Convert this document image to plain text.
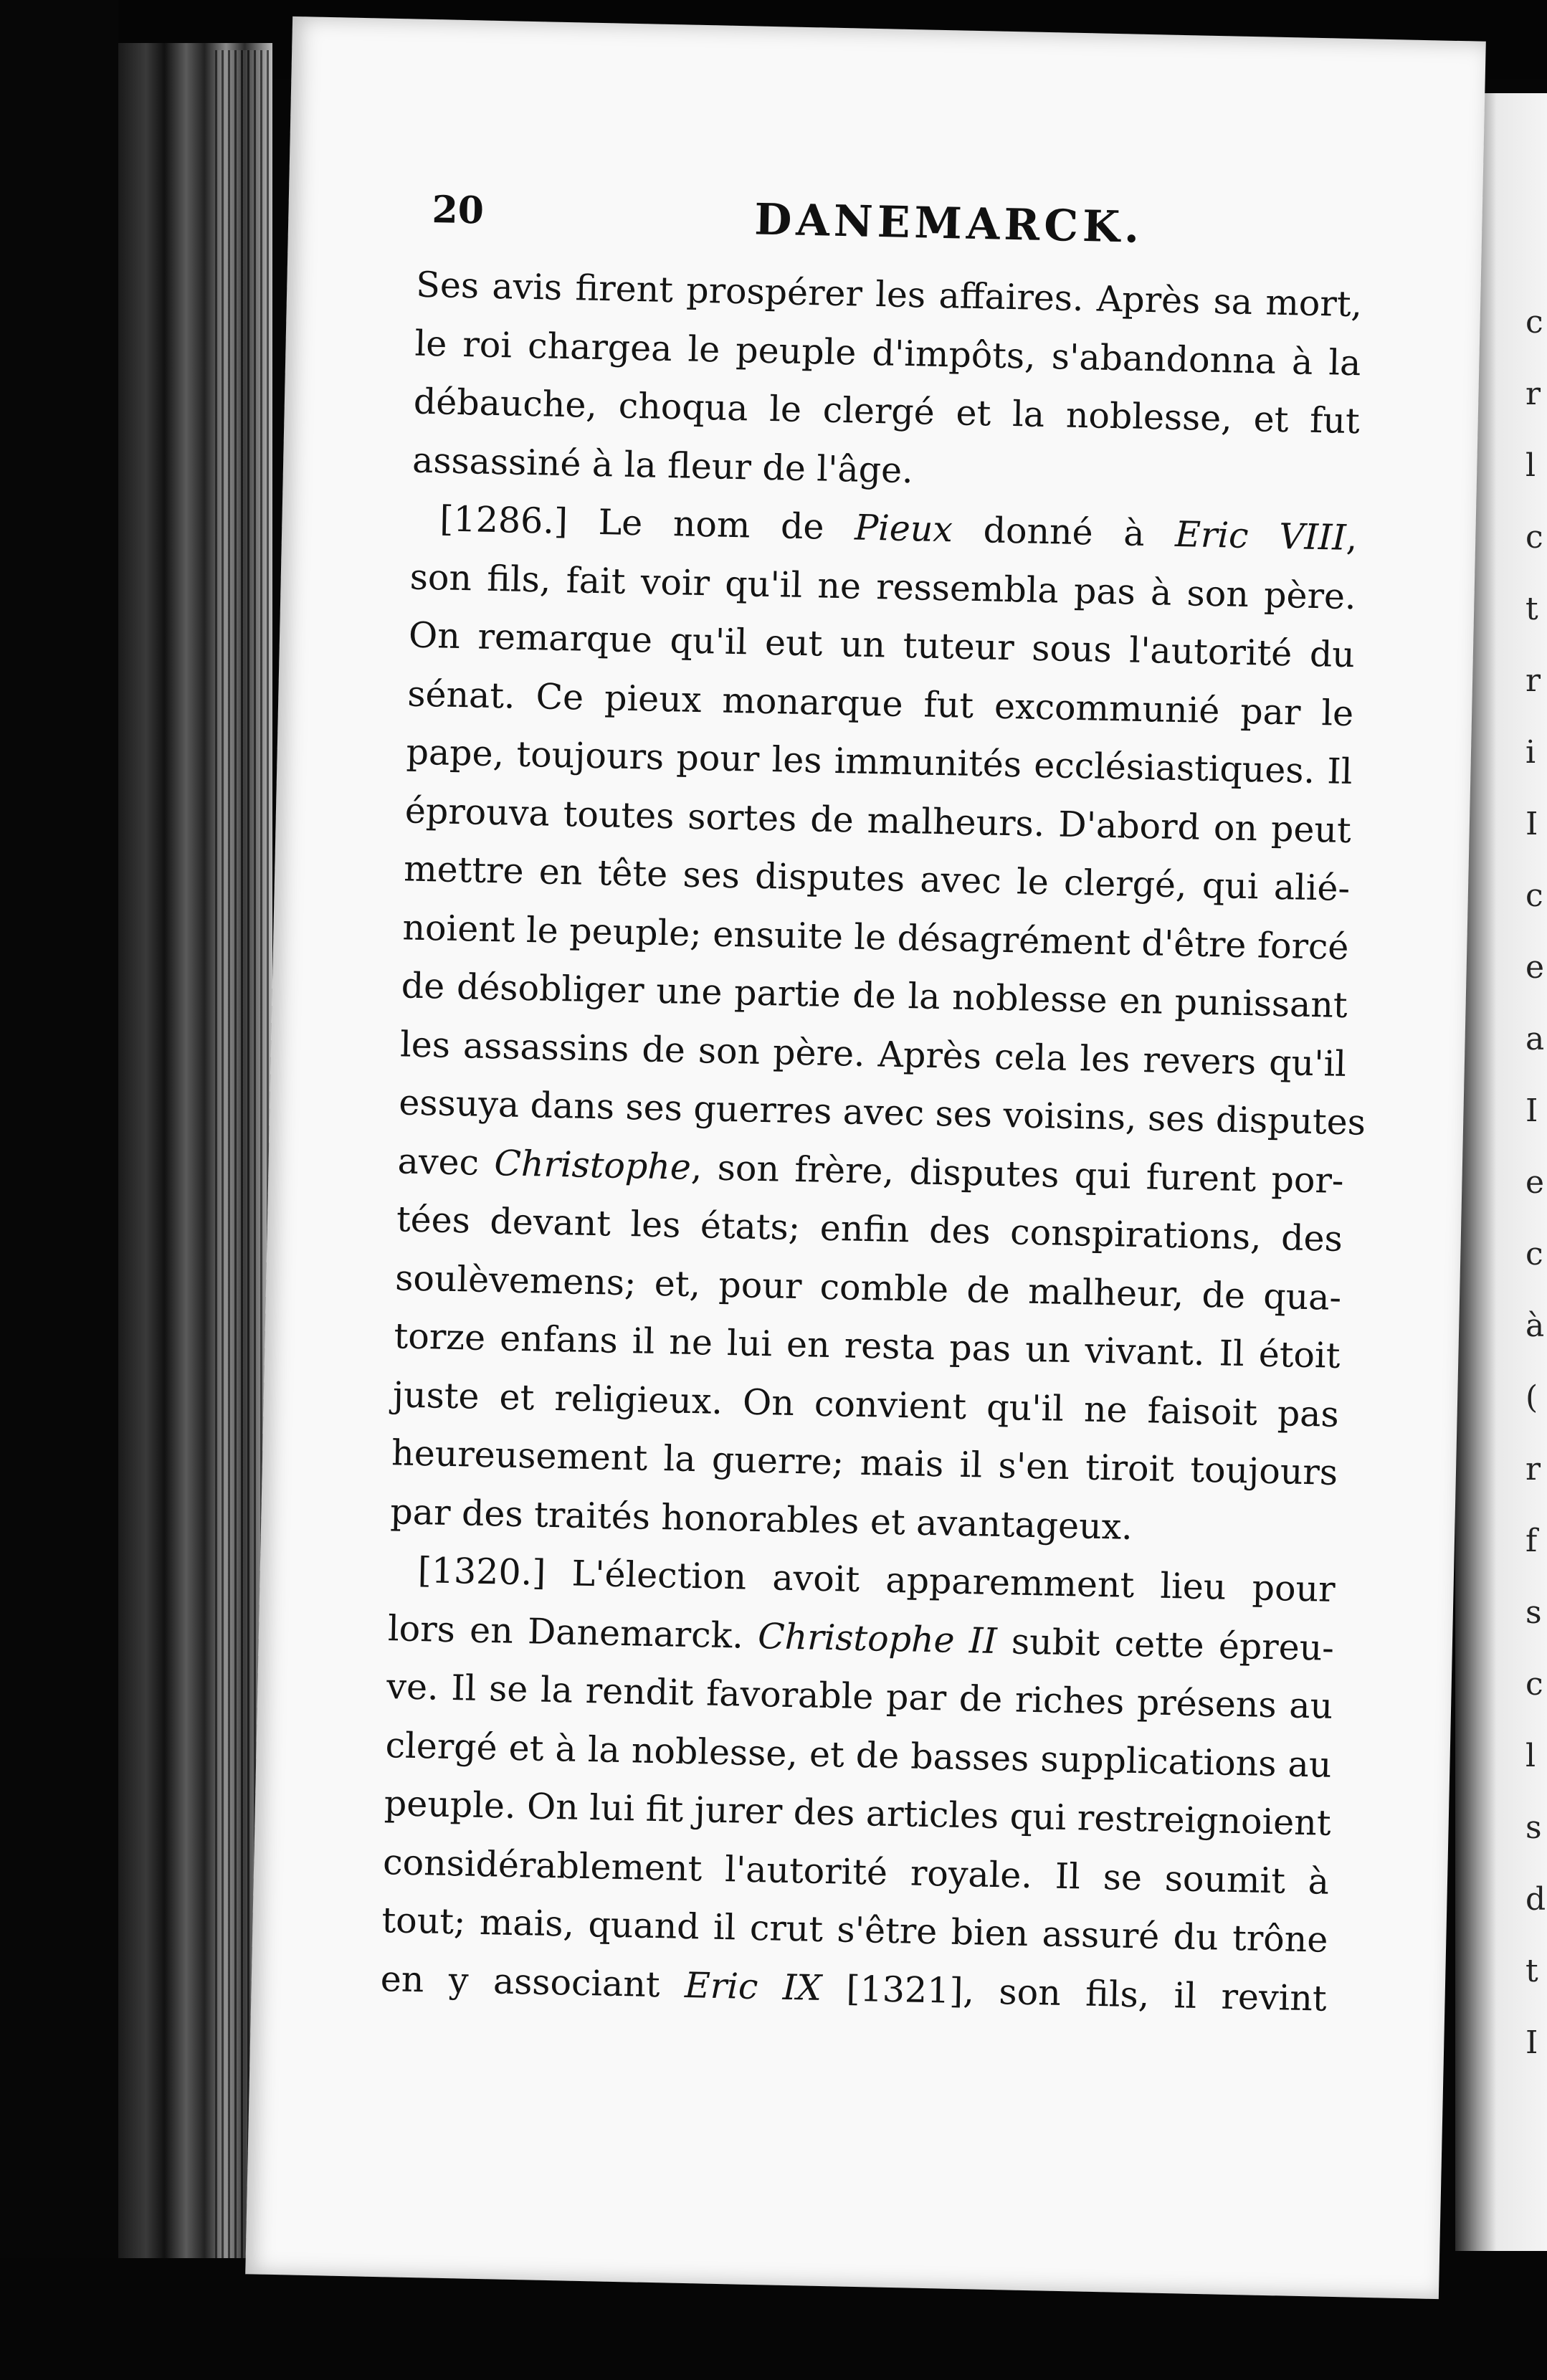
c
r
l
c
t
r
i
I
c
e
a
I
e
c
à
(
r
f
s
c
l
s
d
t
I
20	DANEMARCK.
Ses avis firent prospérer les affaires. Après sa mort,
le roi chargea le peuple d'impôts, s'abandonna à la
débauche, choqua le clergé et la noblesse, et fut
assassiné à la fleur de l'âge.
[1286.] Le nom de Pieux donné à Eric VIII,
son fils, fait voir qu'il ne ressembla pas à son père.
On remarque qu'il eut un tuteur sous l'autorité du
sénat. Ce pieux monarque fut excommunié par le
pape, toujours pour les immunités ecclésiastiques. Il
éprouva toutes sortes de malheurs. D'abord on peut
mettre en tête ses disputes avec le clergé, qui alié-
noient le peuple; ensuite le désagrément d'être forcé
de désobliger une partie de la noblesse en punissant
les assassins de son père. Après cela les revers qu'il
essuya dans ses guerres avec ses voisins, ses disputes
avec Christophe, son frère, disputes qui furent por-
tées devant les états; enfin des conspirations, des
soulèvemens; et, pour comble de malheur, de qua-
torze enfans il ne lui en resta pas un vivant. Il étoit
juste et religieux. On convient qu'il ne faisoit pas
heureusement la guerre; mais il s'en tiroit toujours
par des traités honorables et avantageux.
[1320.] L'élection avoit apparemment lieu pour
lors en Danemarck. Christophe II subit cette épreu-
ve. Il se la rendit favorable par de riches présens au
clergé et à la noblesse, et de basses supplications au
peuple. On lui fit jurer des articles qui restreignoient
considérablement l'autorité royale. Il se soumit à
tout; mais, quand il crut s'être bien assuré du trône
en y associant Eric IX [1321], son fils, il revint
